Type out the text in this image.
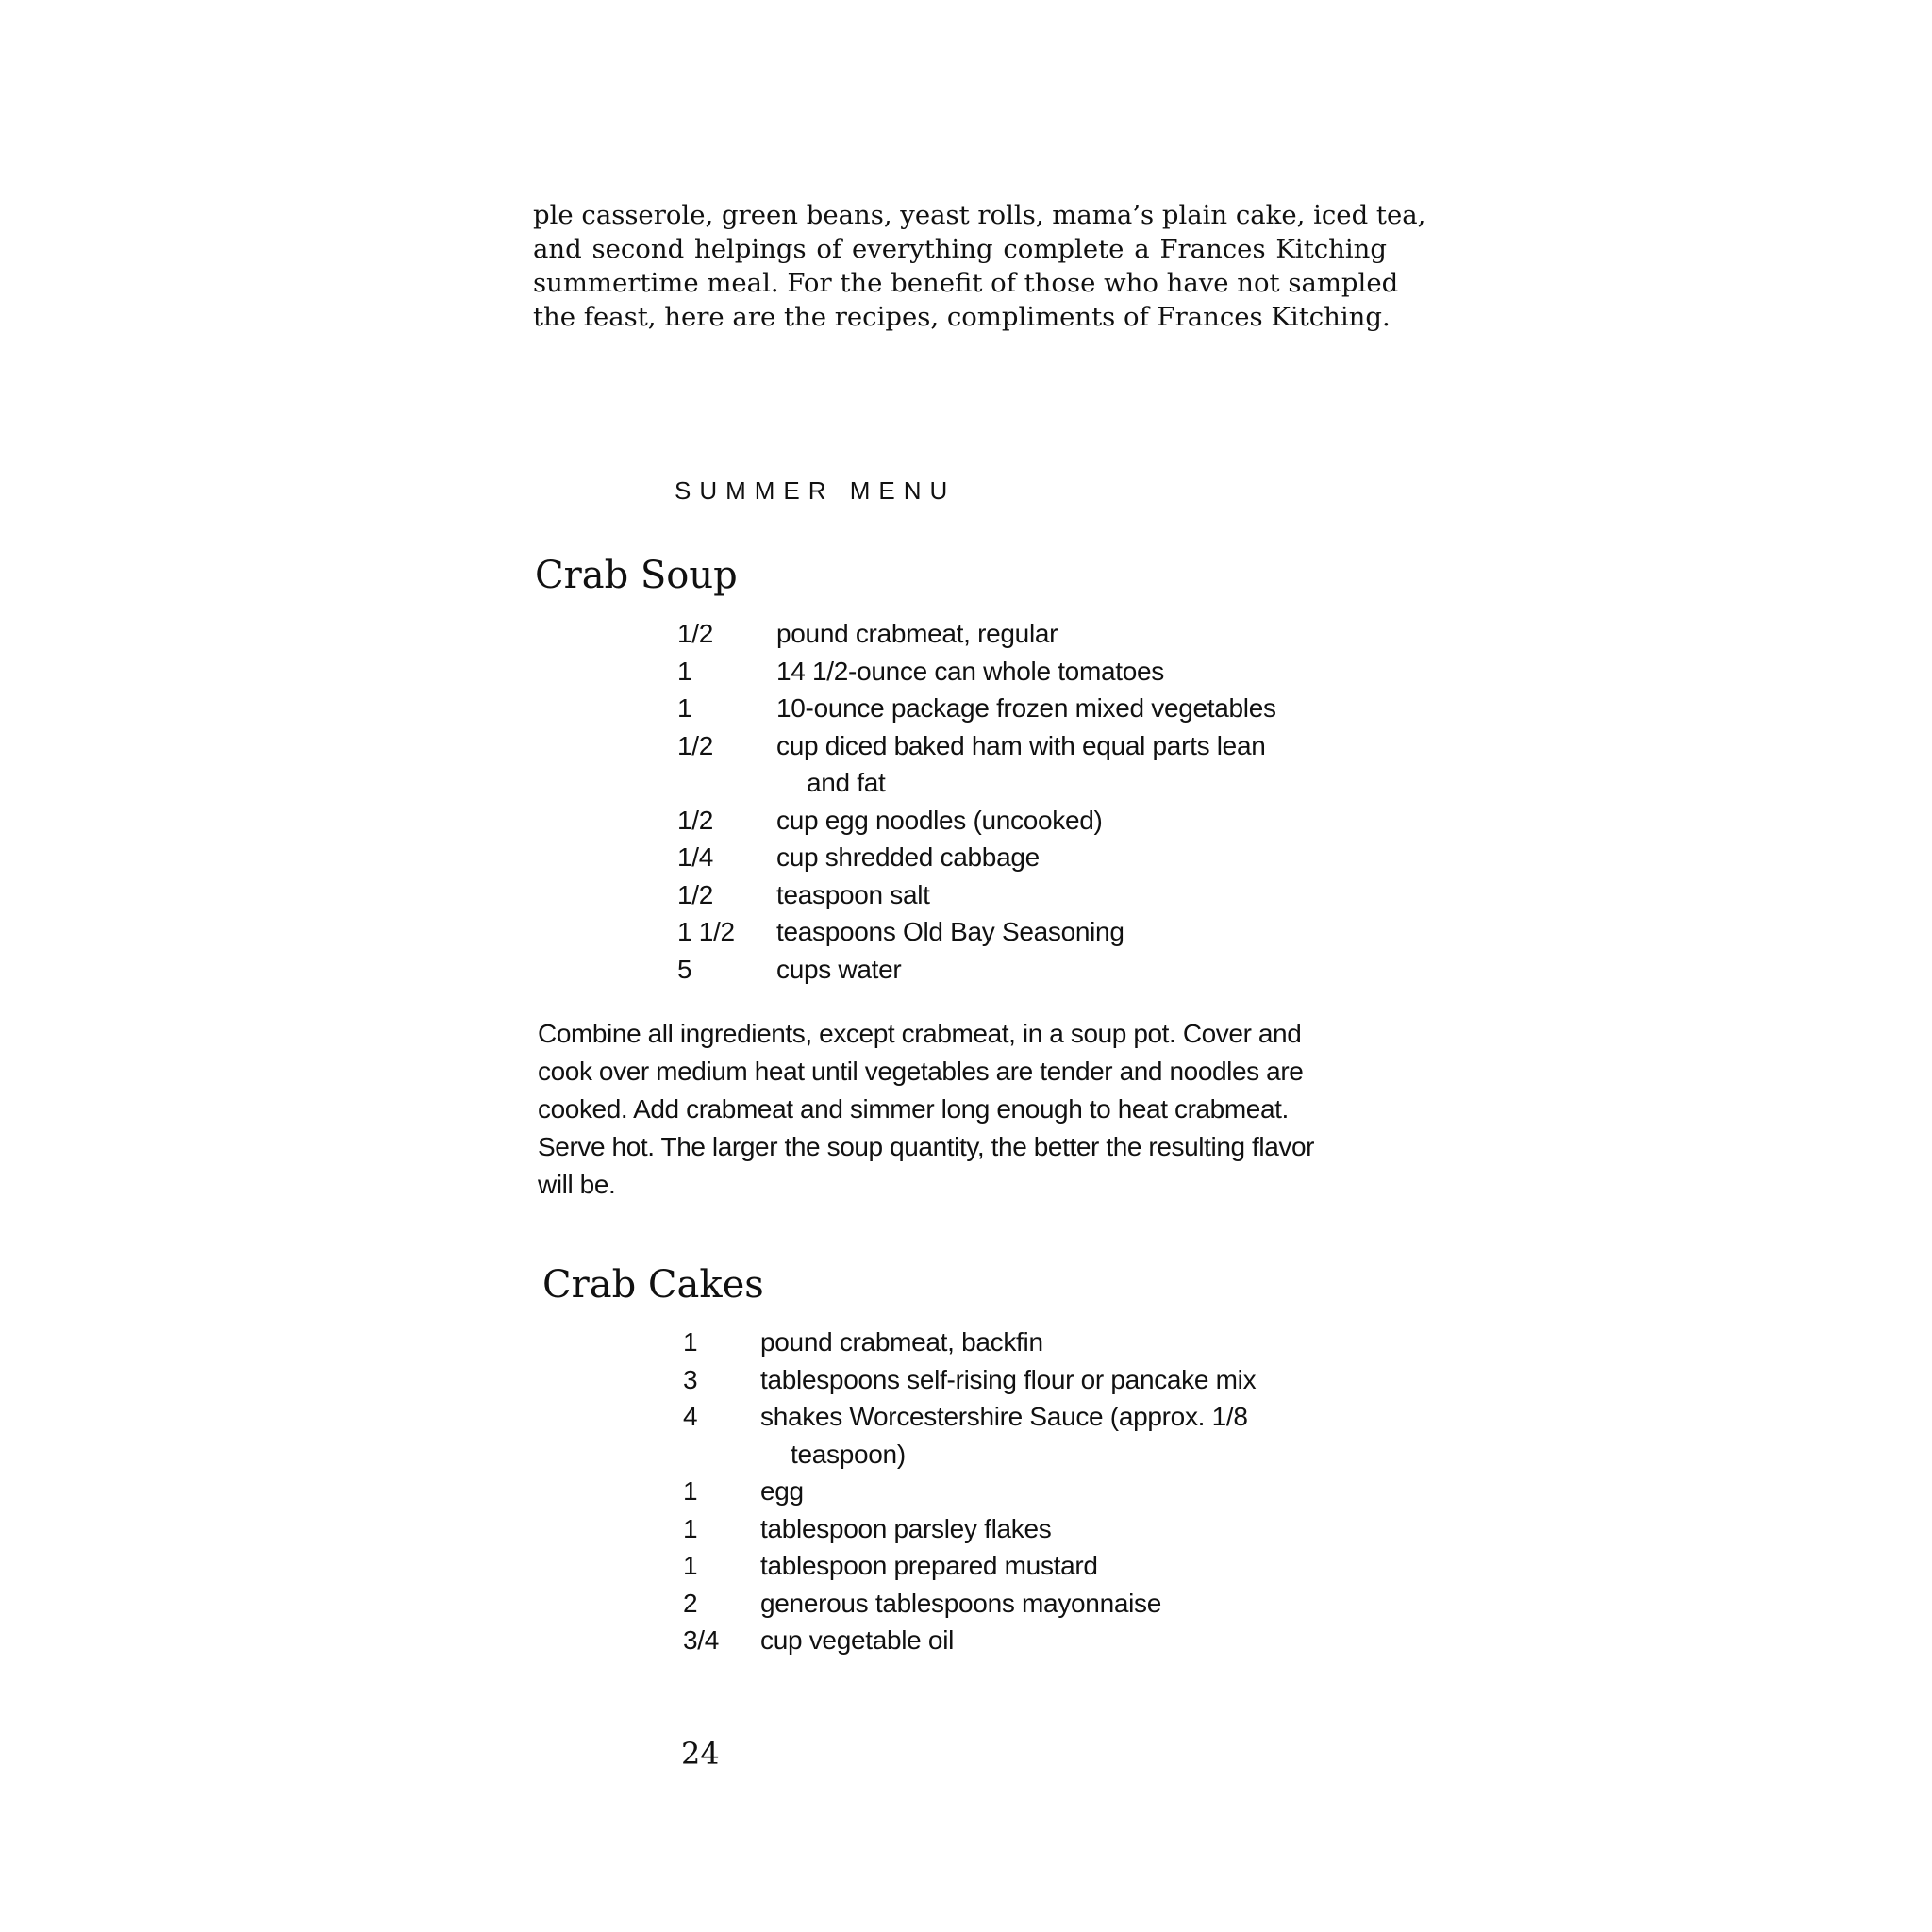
ple casserole, green beans, yeast rolls, mama’s plain cake, iced tea,
and second helpings of everything complete a Frances Kitching
summertime meal. For the benefit of those who have not sampled
the feast, here are the recipes, compliments of Frances Kitching.
SUMMER MENU
Crab Soup
1/2	pound crabmeat, regular
1	14 1/2-ounce can whole tomatoes
1	10-ounce package frozen mixed vegetables
1/2	cup diced baked ham with equal parts lean
and fat
1/2	cup egg noodles (uncooked)
1/4	cup shredded cabbage
1/2	teaspoon salt
1 1/2	teaspoons Old Bay Seasoning
5	cups water
Combine all ingredients, except crabmeat, in a soup pot. Cover and
cook over medium heat until vegetables are tender and noodles are
cooked. Add crabmeat and simmer long enough to heat crabmeat.
Serve hot. The larger the soup quantity, the better the resulting flavor
will be.
Crab Cakes
1	pound crabmeat, backfin
3	tablespoons self-rising flour or pancake mix
4	shakes Worcestershire Sauce (approx. 1/8
teaspoon)
1	egg
1	tablespoon parsley flakes
1	tablespoon prepared mustard
2	generous tablespoons mayonnaise
3/4	cup vegetable oil
24
